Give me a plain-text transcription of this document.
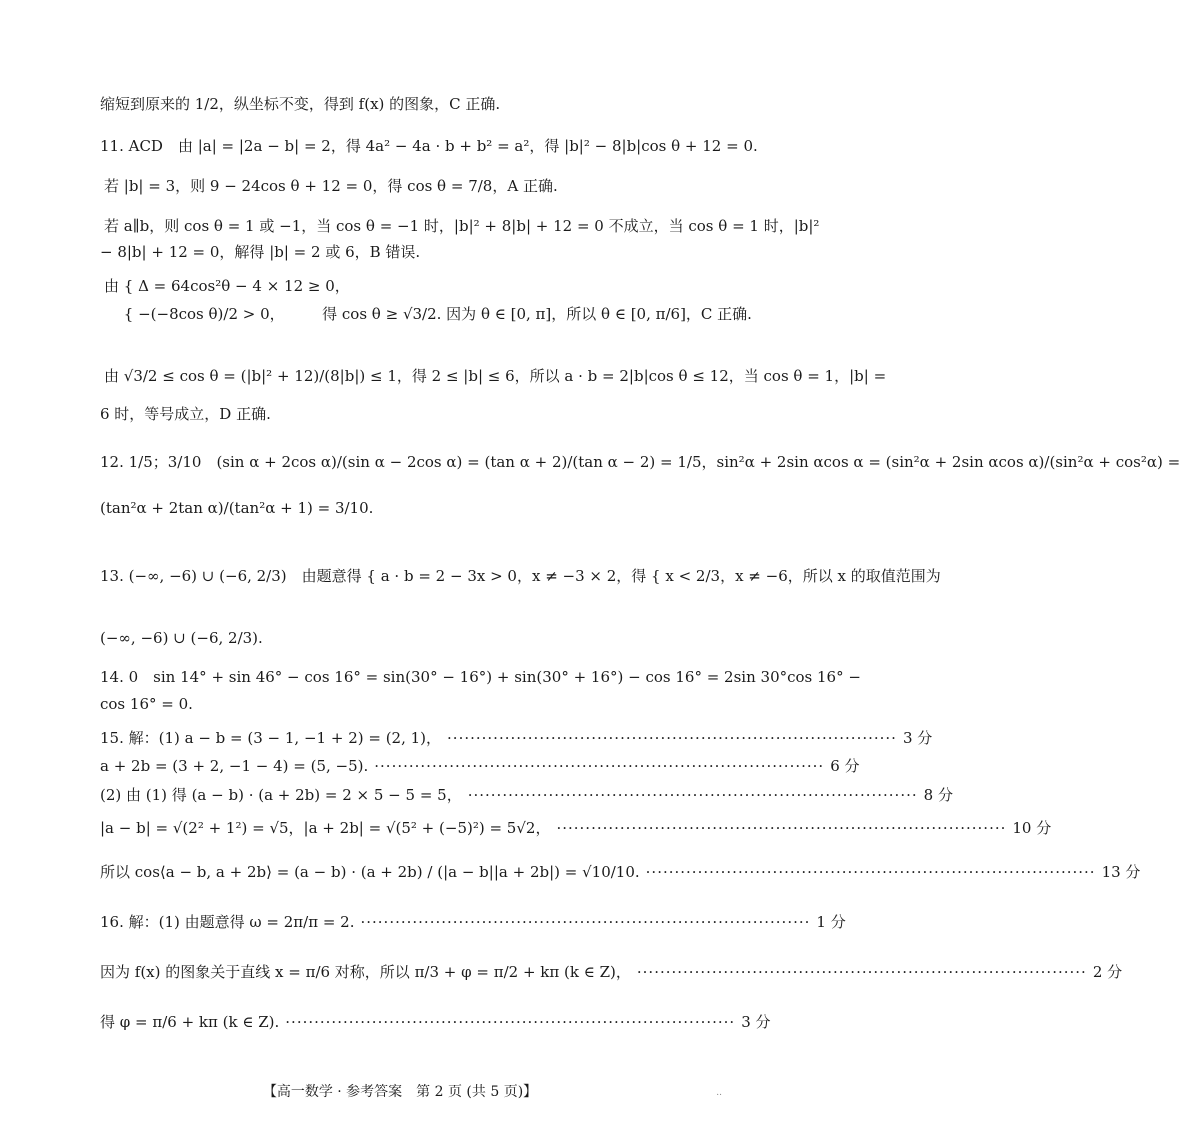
缩短到原来的 1/2，纵坐标不变，得到 f(x) 的图象，C 正确.
11. ACD　由 |a| = |2a − b| = 2，得 4a² − 4a · b + b² = a²，得 |b|² − 8|b|cos θ + 12 = 0.
若 |b| = 3，则 9 − 24cos θ + 12 = 0，得 cos θ = 7/8，A 正确.
若 a∥b，则 cos θ = 1 或 −1，当 cos θ = −1 时，|b|² + 8|b| + 12 = 0 不成立，当 cos θ = 1 时，|b|²
− 8|b| + 12 = 0，解得 |b| = 2 或 6，B 错误.
由 { Δ = 64cos²θ − 4 × 12 ≥ 0，
　 { −(−8cos θ)/2 > 0，　　　得 cos θ ≥ √3/2. 因为 θ ∈ [0, π]，所以 θ ∈ [0, π/6]，C 正确.
由 √3/2 ≤ cos θ = (|b|² + 12)/(8|b|) ≤ 1，得 2 ≤ |b| ≤ 6，所以 a · b = 2|b|cos θ ≤ 12，当 cos θ = 1，|b| =
6 时，等号成立，D 正确.
12. 1/5；3/10　(sin α + 2cos α)/(sin α − 2cos α) = (tan α + 2)/(tan α − 2) = 1/5，sin²α + 2sin αcos α = (sin²α + 2sin αcos α)/(sin²α + cos²α) =
(tan²α + 2tan α)/(tan²α + 1) = 3/10.
13. (−∞, −6) ∪ (−6, 2/3)　由题意得 { a · b = 2 − 3x > 0，x ≠ −3 × 2，得 { x < 2/3，x ≠ −6，所以 x 的取值范围为
(−∞, −6) ∪ (−6, 2/3).
14. 0　sin 14° + sin 46° − cos 16° = sin(30° − 16°) + sin(30° + 16°) − cos 16° = 2sin 30°cos 16° −
cos 16° = 0.
15. 解：(1) a − b = (3 − 1, −1 + 2) = (2, 1)， ·············································································· 3 分
a + 2b = (3 + 2, −1 − 4) = (5, −5). ·············································································· 6 分
(2) 由 (1) 得 (a − b) · (a + 2b) = 2 × 5 − 5 = 5， ·············································································· 8 分
|a − b| = √(2² + 1²) = √5，|a + 2b| = √(5² + (−5)²) = 5√2， ·············································································· 10 分
所以 cos⟨a − b, a + 2b⟩ = (a − b) · (a + 2b) / (|a − b||a + 2b|) = √10/10. ·············································································· 13 分
16. 解：(1) 由题意得 ω = 2π/π = 2. ·············································································· 1 分
因为 f(x) 的图象关于直线 x = π/6 对称，所以 π/3 + φ = π/2 + kπ (k ∈ Z)， ·············································································· 2 分
得 φ = π/6 + kπ (k ∈ Z). ·············································································· 3 分
【高一数学 · 参考答案　第 2 页 (共 5 页)】	..
